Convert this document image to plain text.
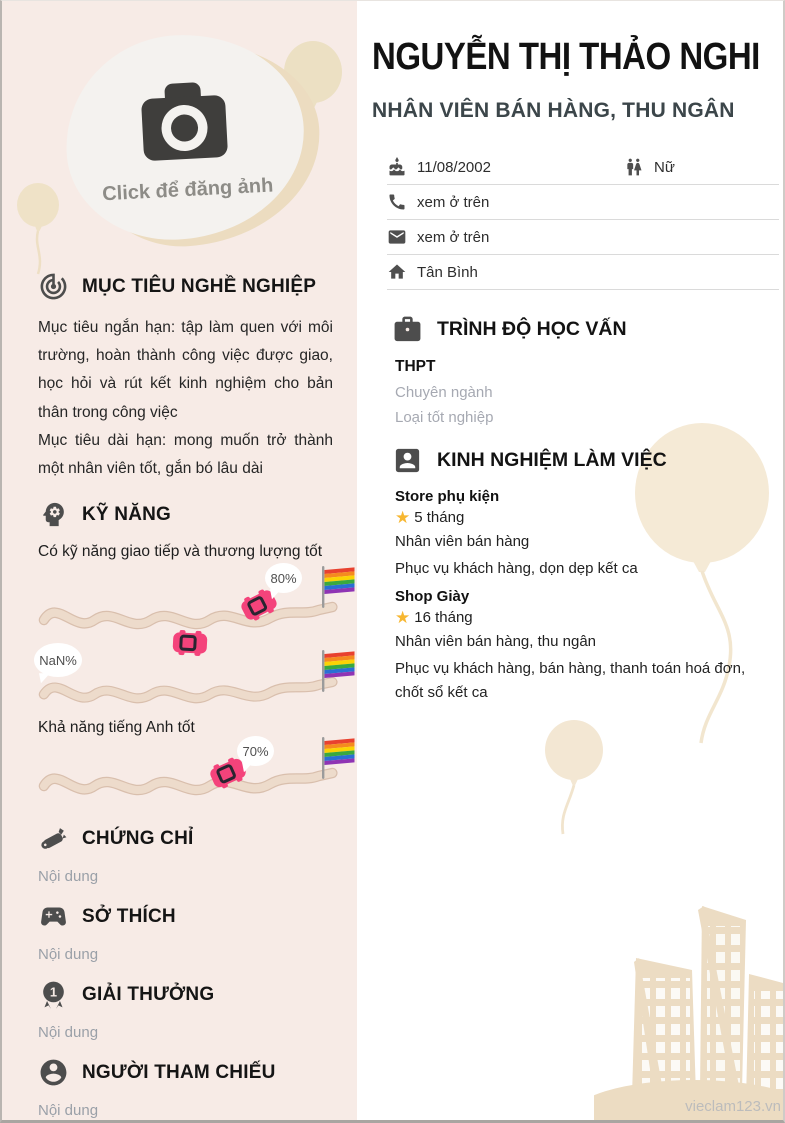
Click để đăng ảnh
MỤC TIÊU NGHỀ NGHIỆP
Mục tiêu ngắn hạn: tập làm quen với môi trường, hoàn thành công việc được giao, học hỏi và rút kết kinh nghiệm cho bản thân trong công việc
Mục tiêu dài hạn: mong muốn trở thành một nhân viên tốt, gắn bó lâu dài
KỸ NĂNG
Có kỹ năng giao tiếp và thương lượng tốt
80%
NaN%
Khả năng tiếng Anh tốt
70%
CHỨNG CHỈ
Nội dung
SỞ THÍCH
Nội dung
1 GIẢI THƯỞNG
Nội dung
NGƯỜI THAM CHIẾU
Nội dung
NGUYỄN THỊ THẢO NGHI
NHÂN VIÊN BÁN HÀNG, THU NGÂN
11/08/2002	Nữ
xem ở trên
xem ở trên
Tân Bình
TRÌNH ĐỘ HỌC VẤN
THPT
Chuyên ngành
Loại tốt nghiệp
KINH NGHIỆM LÀM VIỆC
Store phụ kiện
★ 5 tháng
Nhân viên bán hàng
Phục vụ khách hàng, dọn dẹp kết ca
Shop Giày
★ 16 tháng
Nhân viên bán hàng, thu ngân
Phục vụ khách hàng, bán hàng, thanh toán hoá đơn, chốt sổ kết ca
vieclam123.vn
